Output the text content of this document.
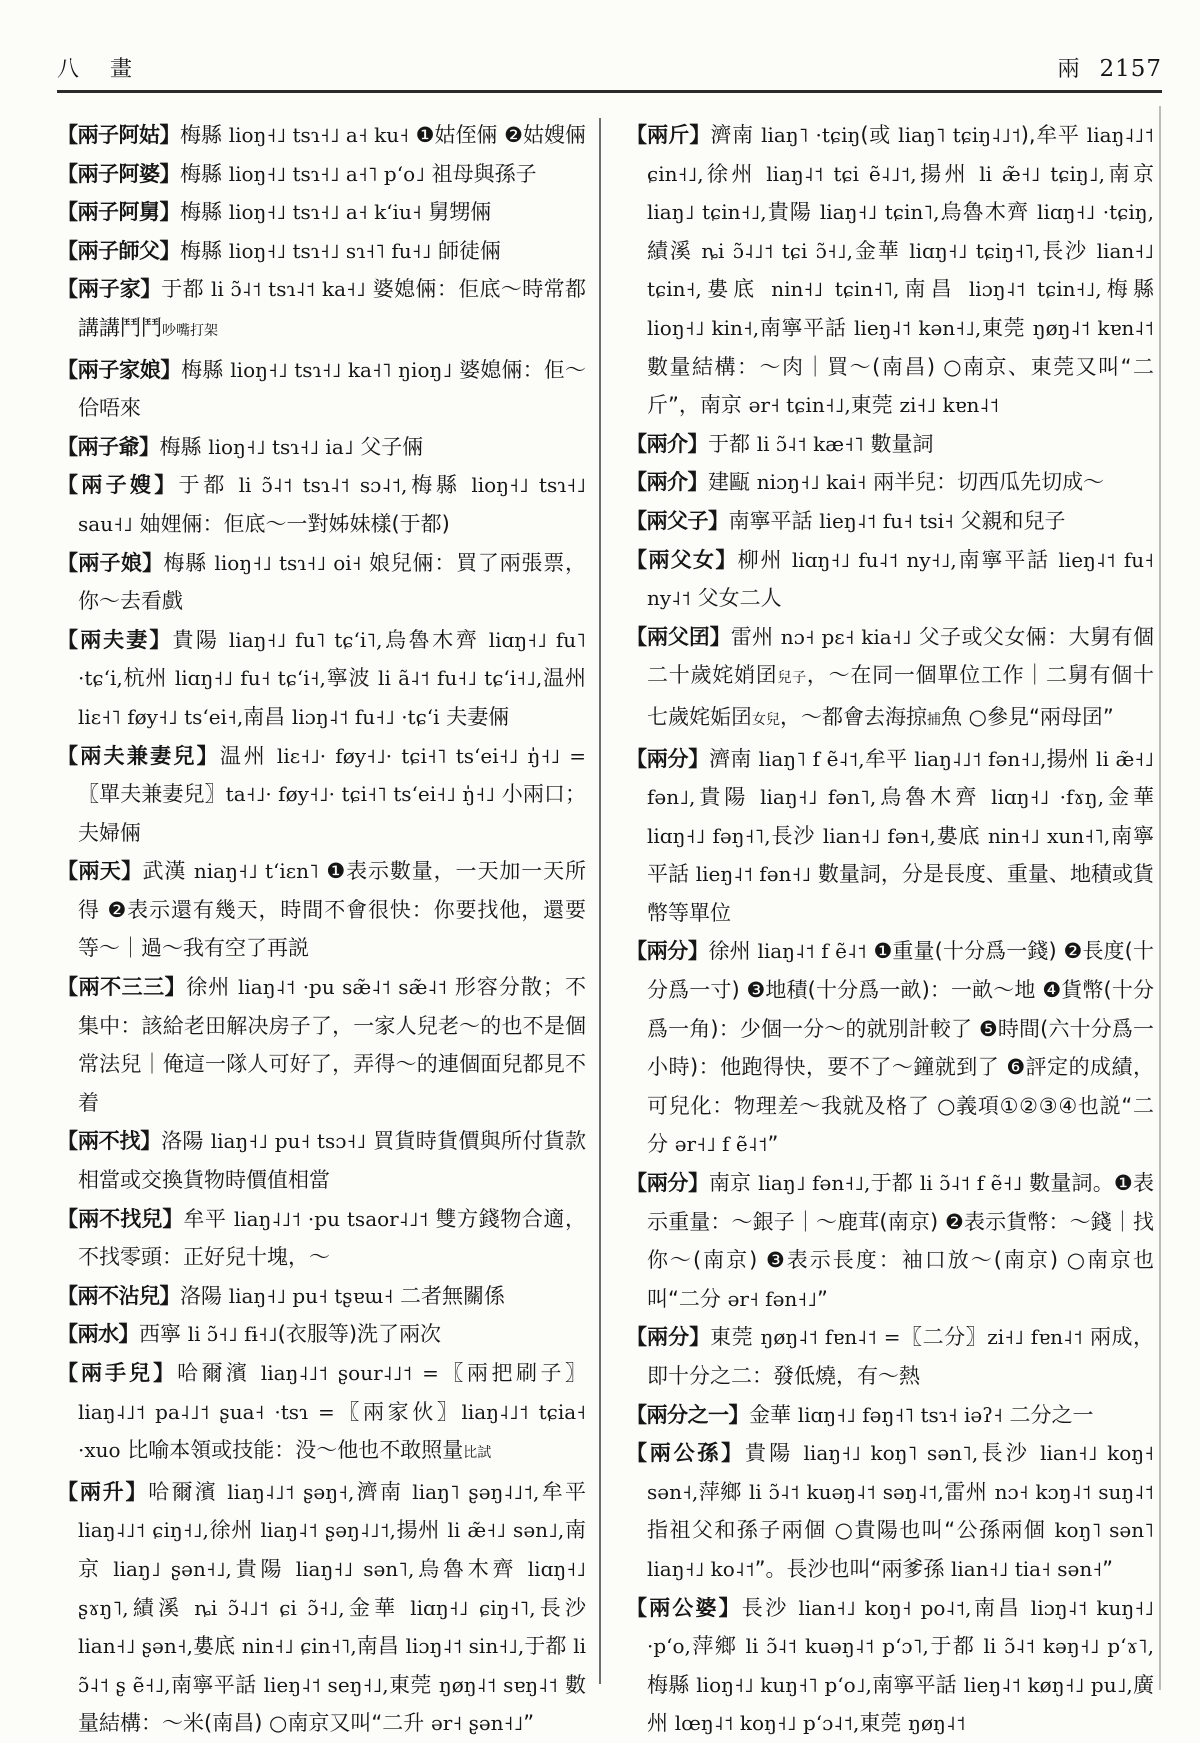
八 畫	兩 2157

【兩子阿姑】梅縣 lioŋ˧˩ tsɿ˧˩ a˧ ku˧ ❶姑侄倆 ❷姑嫂倆

【兩子阿婆】梅縣 lioŋ˧˩ tsɿ˧˩ a˧˥ pʻo˩ 祖母與孫子

【兩子阿舅】梅縣 lioŋ˧˩ tsɿ˧˩ a˧ kʻiu˧ 舅甥倆

【兩子師父】梅縣 lioŋ˧˩ tsɿ˧˩ sɿ˧˥ fu˧˩ 師徒倆

【兩子家】于都 li ɔ̃˨˦ tsɿ˨˦ ka˧˩ 婆媳倆：佢底～時常都講講鬥鬥吵嘴打架

【兩子家娘】梅縣 lioŋ˧˩ tsɿ˧˩ ka˧˥ ŋioŋ˩ 婆媳倆：佢～佮唔來

【兩子爺】梅縣 lioŋ˧˩ tsɿ˧˩ ia˩ 父子倆

【兩子嫂】于都 li ɔ̃˨˦ tsɿ˨˦ sɔ˨˦,梅縣 lioŋ˧˩ tsɿ˧˩ sau˧˩ 妯娌倆：佢底～一對姊妹樣(于都)

【兩子娘】梅縣 lioŋ˧˩ tsɿ˧˩ oi˧ 娘兒倆：買了兩張票，你～去看戲

【兩夫妻】貴陽 liaŋ˧˩ fu˥ tɕʻi˥,烏魯木齊 liɑŋ˧˩ fu˥ ·tɕʻi,杭州 liɑŋ˧˩ fu˧ tɕʻi˧,寧波 li ã˨˦ fu˧˩ tɕʻi˧˩,温州 liɛ˧˥ føy˧˩ tsʻei˧,南昌 liɔŋ˨˦ fu˧˩ ·tɕʻi 夫妻倆

【兩夫兼妻兒】温州 liɛ˧˩· føy˧˩· tɕi˧˥ tsʻei˧˩ ŋ̍˧˩ =〖單夫兼妻兒〗ta˧˩· føy˧˩· tɕi˧˥ tsʻei˧˩ ŋ̍˧˩ 小兩口；夫婦倆

【兩天】武漢 niaŋ˧˩ tʻiɛn˥ ❶表示數量，一天加一天所得 ❷表示還有幾天，時間不會很快：你要找他，還要等～｜過～我有空了再説

【兩不三三】徐州 liaŋ˨˦ ·pu sæ̃˨˦ sæ̃˨˦ 形容分散；不集中：該給老田解决房子了，一家人兒老～的也不是個常法兒｜俺這一隊人可好了，弄得～的連個面兒都見不着

【兩不找】洛陽 liaŋ˧˩ pu˧ tsɔ˧˩ 買貨時貨價與所付貨款相當或交換貨物時價值相當

【兩不找兒】牟平 liaŋ˨˩˦ ·pu tsaor˨˩˦ 雙方錢物合適，不找零頭：正好兒十塊，～

【兩不沾兒】洛陽 liaŋ˧˩ pu˧ tʂɐɯ˧ 二者無關係

【兩水】西寧 li ɔ̃˧˩ fɨ˧˩(衣服等)洗了兩次

【兩手兒】哈爾濱 liaŋ˨˩˦ ʂour˨˩˦ =〖兩把刷子〗liaŋ˨˩˦ pa˨˩˦ ʂua˧ ·tsɿ =〖兩家伙〗liaŋ˨˩˦ tɕia˧ ·xuo 比喻本領或技能：没～他也不敢照量比試

【兩升】哈爾濱 liaŋ˨˩˦ ʂəŋ˧,濟南 liaŋ˥ ʂəŋ˨˩˦,牟平 liaŋ˨˩˦ ɕiŋ˧˩,徐州 liaŋ˨˦ ʂəŋ˨˩˦,揚州 li æ̃˧˩ sən˩,南京 liaŋ˩ ʂən˧˩,貴陽 liaŋ˧˩ sən˥,烏魯木齊 liɑŋ˧˩ ʂɤŋ˥,績溪 ȵi ɔ̃˨˩˦ ɕi ɔ̃˧˩,金華 liɑŋ˧˩ ɕiŋ˧˥,長沙 lian˧˩ ʂən˧,婁底 nin˧˩ ɕin˧˥,南昌 liɔŋ˨˦ sin˧˩,于都 li ɔ̃˨˦ ʂ ẽ˧˩,南寧平話 lieŋ˨˦ seŋ˧˩,東莞 ŋøŋ˨˦ sɐŋ˨˦ 數量結構：～米(南昌) ○南京又叫“二升 ər˧ ʂən˧˩”

【兩斤】濟南 liaŋ˥ ·tɕiŋ(或 liaŋ˥ tɕiŋ˨˩˦),牟平 liaŋ˨˩˦ ɕin˧˩,徐州 liaŋ˨˦ tɕi ẽ˨˩˦,揚州 li æ̃˧˩ tɕiŋ˩,南京 liaŋ˩ tɕin˧˩,貴陽 liaŋ˧˩ tɕin˥,烏魯木齊 liɑŋ˧˩ ·tɕiŋ,績溪 ȵi ɔ̃˨˩˦ tɕi ɔ̃˧˩,金華 liɑŋ˧˩ tɕiŋ˧˥,長沙 lian˧˩ tɕin˧,婁底 nin˧˩ tɕin˧˥,南昌 liɔŋ˨˦ tɕin˧˩,梅縣 lioŋ˧˩ kin˧,南寧平話 lieŋ˨˦ kən˧˩,東莞 ŋøŋ˨˦ kɐn˨˦ 數量結構：～肉｜買～(南昌) ○南京、東莞又叫“二斤”，南京 ər˧ tɕin˧˩,東莞 zi˧˩ kɐn˨˦

【兩介】于都 li ɔ̃˨˦ kæ˧˥ 數量詞

【兩介】建甌 niɔŋ˧˩ kai˧ 兩半兒：切西瓜先切成～

【兩父子】南寧平話 lieŋ˨˦ fu˧ tsi˧ 父親和兒子

【兩父女】柳州 liɑŋ˧˩ fu˨˦ ny˧˩,南寧平話 lieŋ˨˦ fu˧ ny˨˦ 父女二人

【兩父囝】雷州 nɔ˧ pɛ˧ kia˧˩ 父子或父女倆：大舅有個二十歲姹娋囝兒子，～在同一個單位工作｜二舅有個十七歲姹姤囝女兒，～都會去海掠捕魚 ○參見“兩母囝”

【兩分】濟南 liaŋ˥ f ẽ˨˦,牟平 liaŋ˨˩˦ fən˧˩,揚州 li æ̃˧˩ fən˩,貴陽 liaŋ˧˩ fən˥,烏魯木齊 liɑŋ˧˩ ·fɤŋ,金華 liɑŋ˧˩ fəŋ˧˥,長沙 lian˧˩ fən˧,婁底 nin˧˩ xun˧˥,南寧平話 lieŋ˨˦ fən˧˩ 數量詞，分是長度、重量、地積或貨幣等單位

【兩分】徐州 liaŋ˨˦ f ẽ˨˦ ❶重量(十分爲一錢) ❷長度(十分爲一寸) ❸地積(十分爲一畝)：一畝～地 ❹貨幣(十分爲一角)：少個一分～的就別計較了 ❺時間(六十分爲一小時)：他跑得快，要不了～鐘就到了 ❻評定的成績，可兒化：物理差～我就及格了 ○義項①②③④也説“二分 ər˧˩ f ẽ˨˦”

【兩分】南京 liaŋ˩ fən˧˩,于都 li ɔ̃˨˦ f ẽ˧˩ 數量詞。❶表示重量：～銀子｜～鹿茸(南京) ❷表示貨幣：～錢｜找你～(南京) ❸表示長度：袖口放～(南京) ○南京也叫“二分 ər˧ fən˧˩”

【兩分】東莞 ŋøŋ˨˦ fɐn˨˦ =〖二分〗zi˧˩ fɐn˨˦ 兩成，即十分之二：發低燒，有～熱

【兩分之一】金華 liɑŋ˧˩ fəŋ˧˥ tsɿ˧ iəʔ˧ 二分之一

【兩公孫】貴陽 liaŋ˧˩ koŋ˥ sən˥,長沙 lian˧˩ koŋ˧ sən˧,萍鄉 li ɔ̃˨˦ kuəŋ˨˦ səŋ˨˦,雷州 nɔ˧ kɔŋ˨˦ suŋ˨˦ 指祖父和孫子兩個 ○貴陽也叫“公孫兩個 koŋ˥ sən˥ liaŋ˧˩ ko˨˦”。長沙也叫“兩爹孫 lian˧˩ tia˧ sən˧”

【兩公婆】長沙 lian˧˩ koŋ˧ po˨˦,南昌 liɔŋ˨˦ kuŋ˧˩ ·pʻo,萍鄉 li ɔ̃˨˦ kuəŋ˨˦ pʻɔ˥,于都 li ɔ̃˨˦ kəŋ˧˩ pʻɤ˥,梅縣 lioŋ˧˩ kuŋ˧˥ pʻo˩,南寧平話 lieŋ˨˦ køŋ˧˩ pu˩,廣州 lœŋ˨˦ koŋ˧˩ pʻɔ˨˦,東莞 ŋøŋ˨˦
